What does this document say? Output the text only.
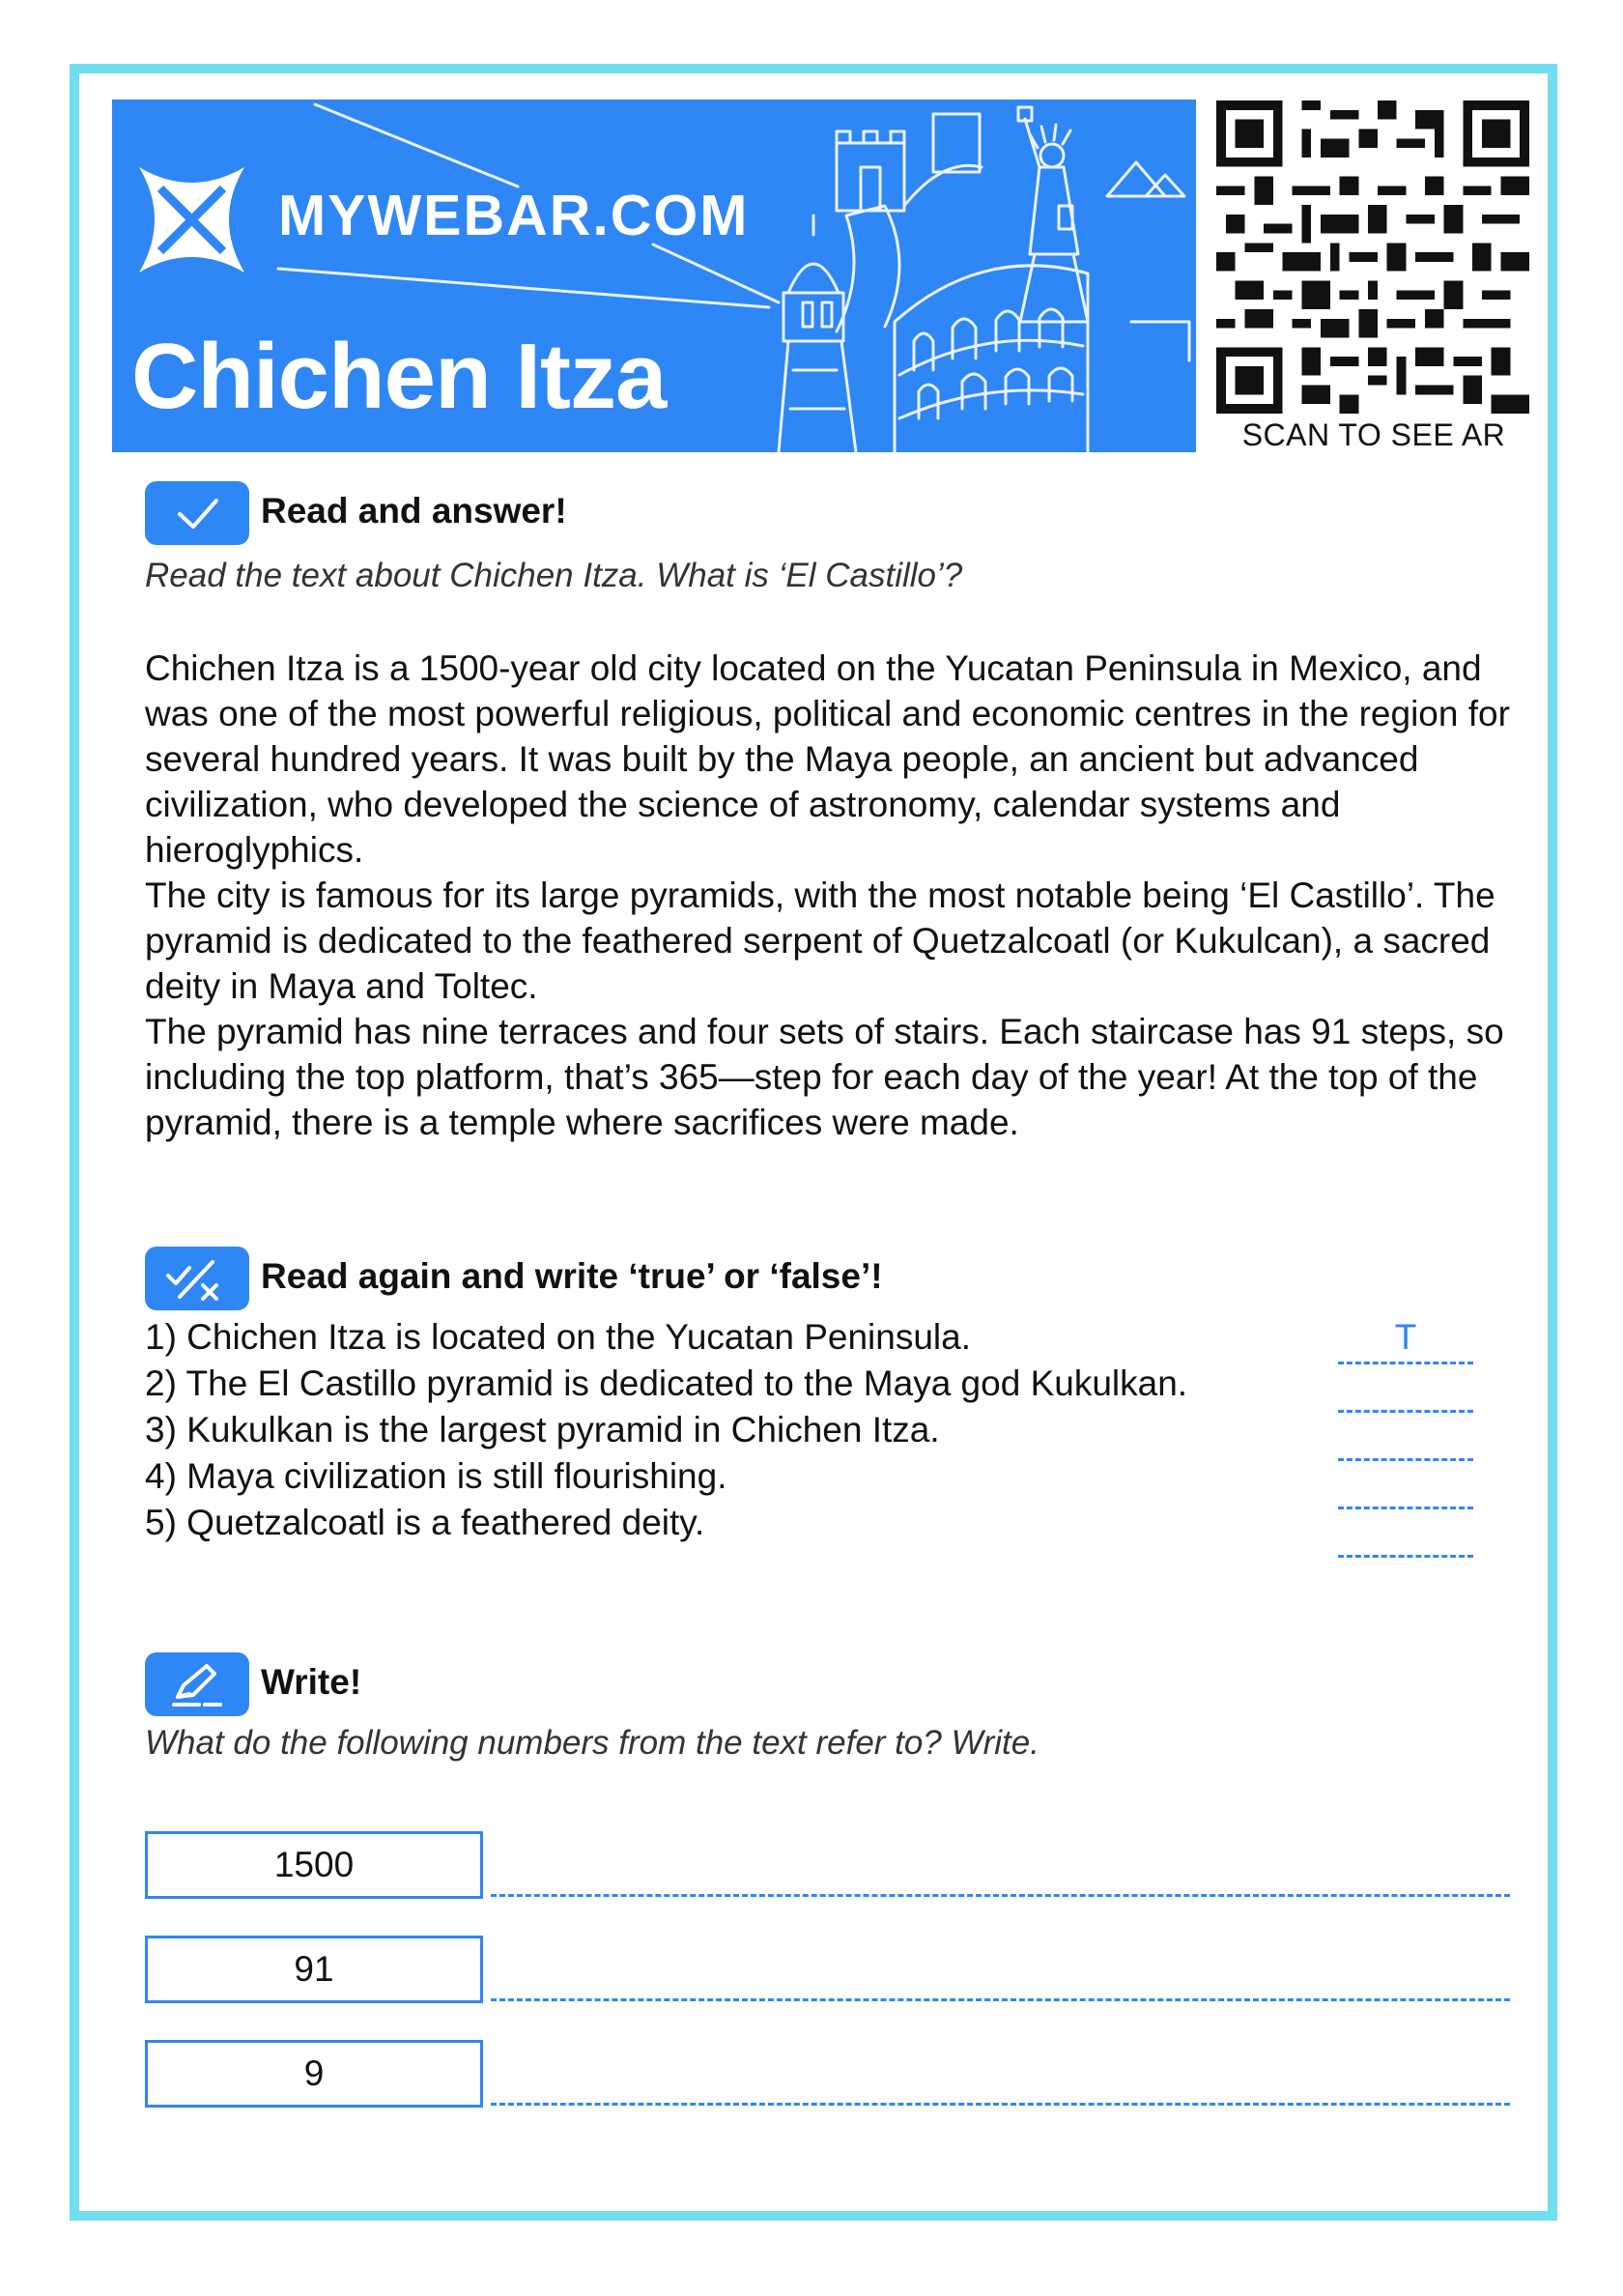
MYWEBAR.COM
Chichen Itza
SCAN TO SEE AR
Read and answer!
Read the text about Chichen Itza. What is ‘El Castillo’?

Chichen Itza is a 1500-year old city located on the Yucatan Peninsula in Mexico, and was one of the most powerful religious, political and economic centres in the region for several hundred years. It was built by the Maya people, an ancient but advanced civilization, who developed the science of astronomy, calendar systems and hieroglyphics.

The city is famous for its large pyramids, with the most notable being ‘El Castillo’. The pyramid is dedicated to the feathered serpent of Quetzalcoatl (or Kukulcan), a sacred deity in Maya and Toltec.

The pyramid has nine terraces and four sets of stairs. Each staircase has 91 steps, so including the top platform, that’s 365—step for each day of the year! At the top of the pyramid, there is a temple where sacrifices were made.

Read again and write ‘true’ or ‘false’!
1) Chichen Itza is located on the Yucatan Peninsula.
2) The El Castillo pyramid is dedicated to the Maya god Kukulkan.
3) Kukulkan is the largest pyramid in Chichen Itza.
4) Maya civilization is still flourishing.
5) Quetzalcoatl is a feathered deity.
T
Write!
What do the following numbers from the text refer to? Write.
1500
91
9
